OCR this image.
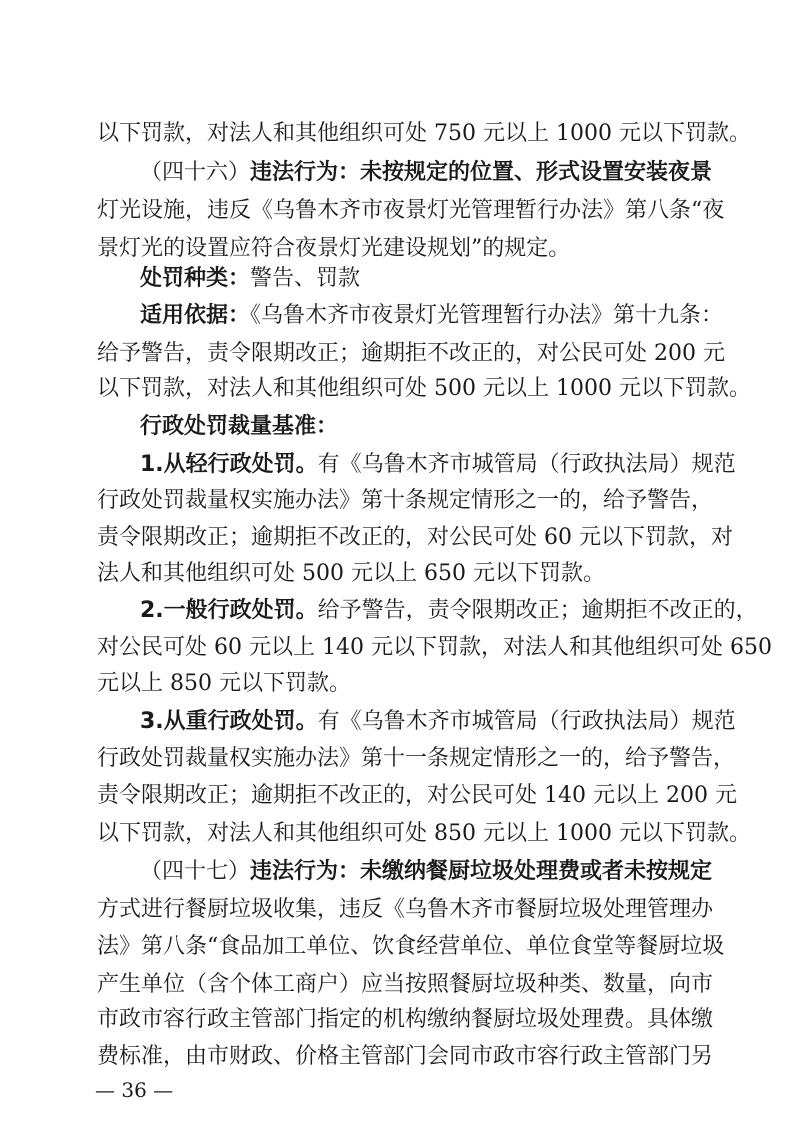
以下罚款，对法人和其他组织可处 750 元以上 1000 元以下罚款。
（四十六）违法行为：未按规定的位置、形式设置安装夜景
灯光设施，违反《乌鲁木齐市夜景灯光管理暂行办法》第八条“夜
景灯光的设置应符合夜景灯光建设规划”的规定。
处罚种类：警告、罚款
适用依据：《乌鲁木齐市夜景灯光管理暂行办法》第十九条：
给予警告，责令限期改正；逾期拒不改正的，对公民可处 200 元
以下罚款，对法人和其他组织可处 500 元以上 1000 元以下罚款。
行政处罚裁量基准：
1.从轻行政处罚。有《乌鲁木齐市城管局（行政执法局）规范
行政处罚裁量权实施办法》第十条规定情形之一的，给予警告，
责令限期改正；逾期拒不改正的，对公民可处 60 元以下罚款，对
法人和其他组织可处 500 元以上 650 元以下罚款。
2.一般行政处罚。给予警告，责令限期改正；逾期拒不改正的，
对公民可处 60 元以上 140 元以下罚款，对法人和其他组织可处 650
元以上 850 元以下罚款。
3.从重行政处罚。有《乌鲁木齐市城管局（行政执法局）规范
行政处罚裁量权实施办法》第十一条规定情形之一的，给予警告，
责令限期改正；逾期拒不改正的，对公民可处 140 元以上 200 元
以下罚款，对法人和其他组织可处 850 元以上 1000 元以下罚款。
（四十七）违法行为：未缴纳餐厨垃圾处理费或者未按规定
方式进行餐厨垃圾收集，违反《乌鲁木齐市餐厨垃圾处理管理办
法》第八条“食品加工单位、饮食经营单位、单位食堂等餐厨垃圾
产生单位（含个体工商户）应当按照餐厨垃圾种类、数量，向市
市政市容行政主管部门指定的机构缴纳餐厨垃圾处理费。具体缴
费标准，由市财政、价格主管部门会同市政市容行政主管部门另
— 36 —
